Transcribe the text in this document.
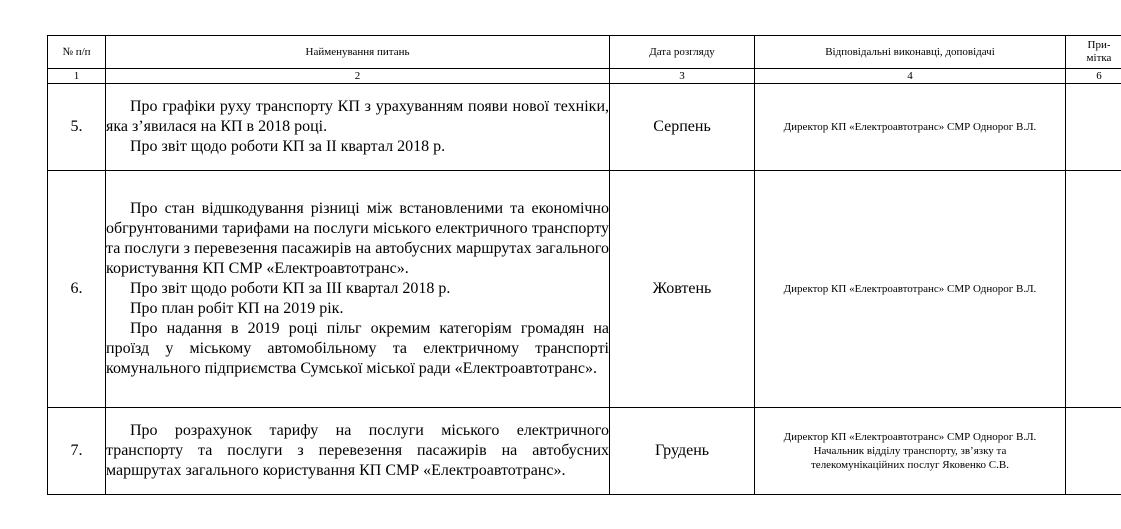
№ п/п	Найменування питань	Дата розгляду	Відповідальні виконавці, доповідачі	При-
мітка

1	2	3	4	6
5.	Про графіки руху транспорту КП з урахуванням появи нової техніки, яка з’явилася на КП в 2018 році.

Про звіт щодо роботи КП за ІІ квартал 2018 р.	Серпень	Директор КП «Електроавтотранс» СМР Однорог В.Л.	

6.	Про стан відшкодування різниці між встановленими та економічно обгрунтованими тарифами на послуги міського електричного транспорту та послуги з перевезення пасажирів на автобусних маршрутах загального користування КП СМР «Електроавтотранс».

Про звіт щодо роботи КП за ІІІ квартал 2018 р.

Про план робіт КП на 2019 рік.

Про надання в 2019 році пільг окремим категоріям громадян на проїзд у міському автомобільному та електричному транспорті комунального підприємства Сумської міської ради «Електроавтотранс».	Жовтень	Директор КП «Електроавтотранс» СМР Однорог В.Л.	

7.	Про розрахунок тарифу на послуги міського електричного транспорту та послуги з перевезення пасажирів на автобусних маршрутах загального користування КП СМР «Електроавтотранс».	Грудень	Директор КП «Електроавтотранс» СМР Однорог В.Л.
Начальник відділу транспорту, зв’язку та
телекомунікаційних послуг Яковенко С.В.	
